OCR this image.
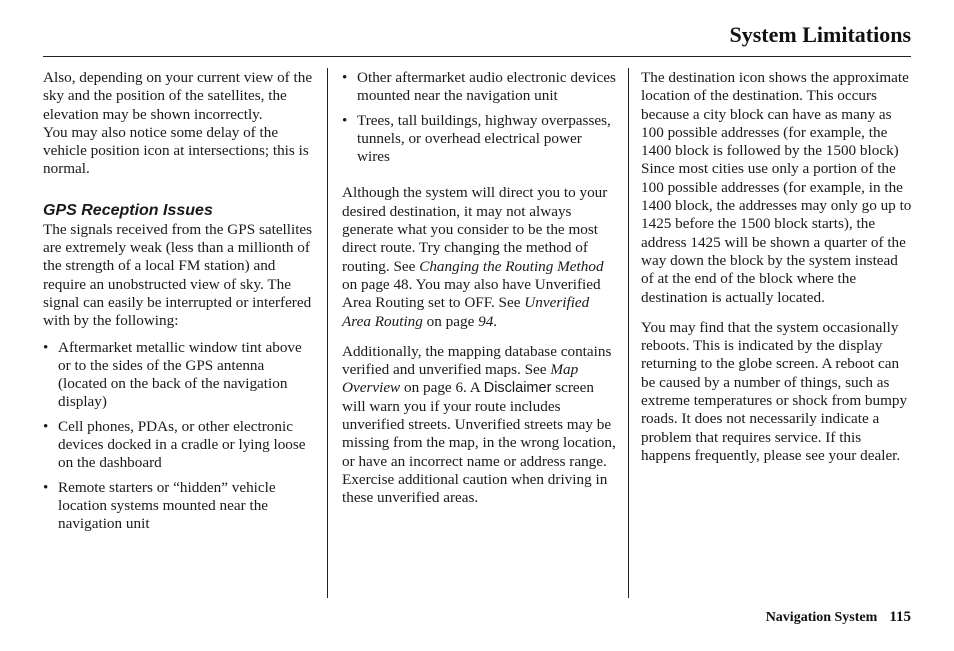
System Limitations

Also, depending on your current view of the sky and the position of the satellites, the elevation may be shown incorrectly.

You may also notice some delay of the vehicle position icon at intersections; this is normal.

GPS Reception Issues

The signals received from the GPS satellites are extremely weak (less than a millionth of the strength of a local FM station) and require an unobstructed view of sky. The signal can easily be interrupted or interfered with by the following:

• Aftermarket metallic window tint above or to the sides of the GPS antenna (located on the back of the navigation display)
• Cell phones, PDAs, or other electronic devices docked in a cradle or lying loose on the dashboard
• Remote starters or “hidden” vehicle location systems mounted near the navigation unit
• Other aftermarket audio electronic devices mounted near the navigation unit
• Trees, tall buildings, highway overpasses, tunnels, or overhead electrical power wires

Although the system will direct you to your desired destination, it may not always generate what you consider to be the most direct route. Try changing the method of routing. See Changing the Routing Method on page 48. You may also have Unverified Area Routing set to OFF. See Unverified Area Routing on page 94.

Additionally, the mapping database contains verified and unverified maps. See Map Overview on page 6. A Disclaimer screen will warn you if your route includes unverified streets. Unverified streets may be missing from the map, in the wrong location, or have an incorrect name or address range. Exercise additional caution when driving in these unverified areas.

The destination icon shows the approximate location of the destination. This occurs because a city block can have as many as 100 possible addresses (for example, the 1400 block is followed by the 1500 block) Since most cities use only a portion of the 100 possible addresses (for example, in the 1400 block, the addresses may only go up to 1425 before the 1500 block starts), the address 1425 will be shown a quarter of the way down the block by the system instead of at the end of the block where the destination is actually located.

You may find that the system occasionally reboots. This is indicated by the display returning to the globe screen. A reboot can be caused by a number of things, such as extreme temperatures or shock from bumpy roads. It does not necessarily indicate a problem that requires service. If this happens frequently, please see your dealer.

Navigation System 115
